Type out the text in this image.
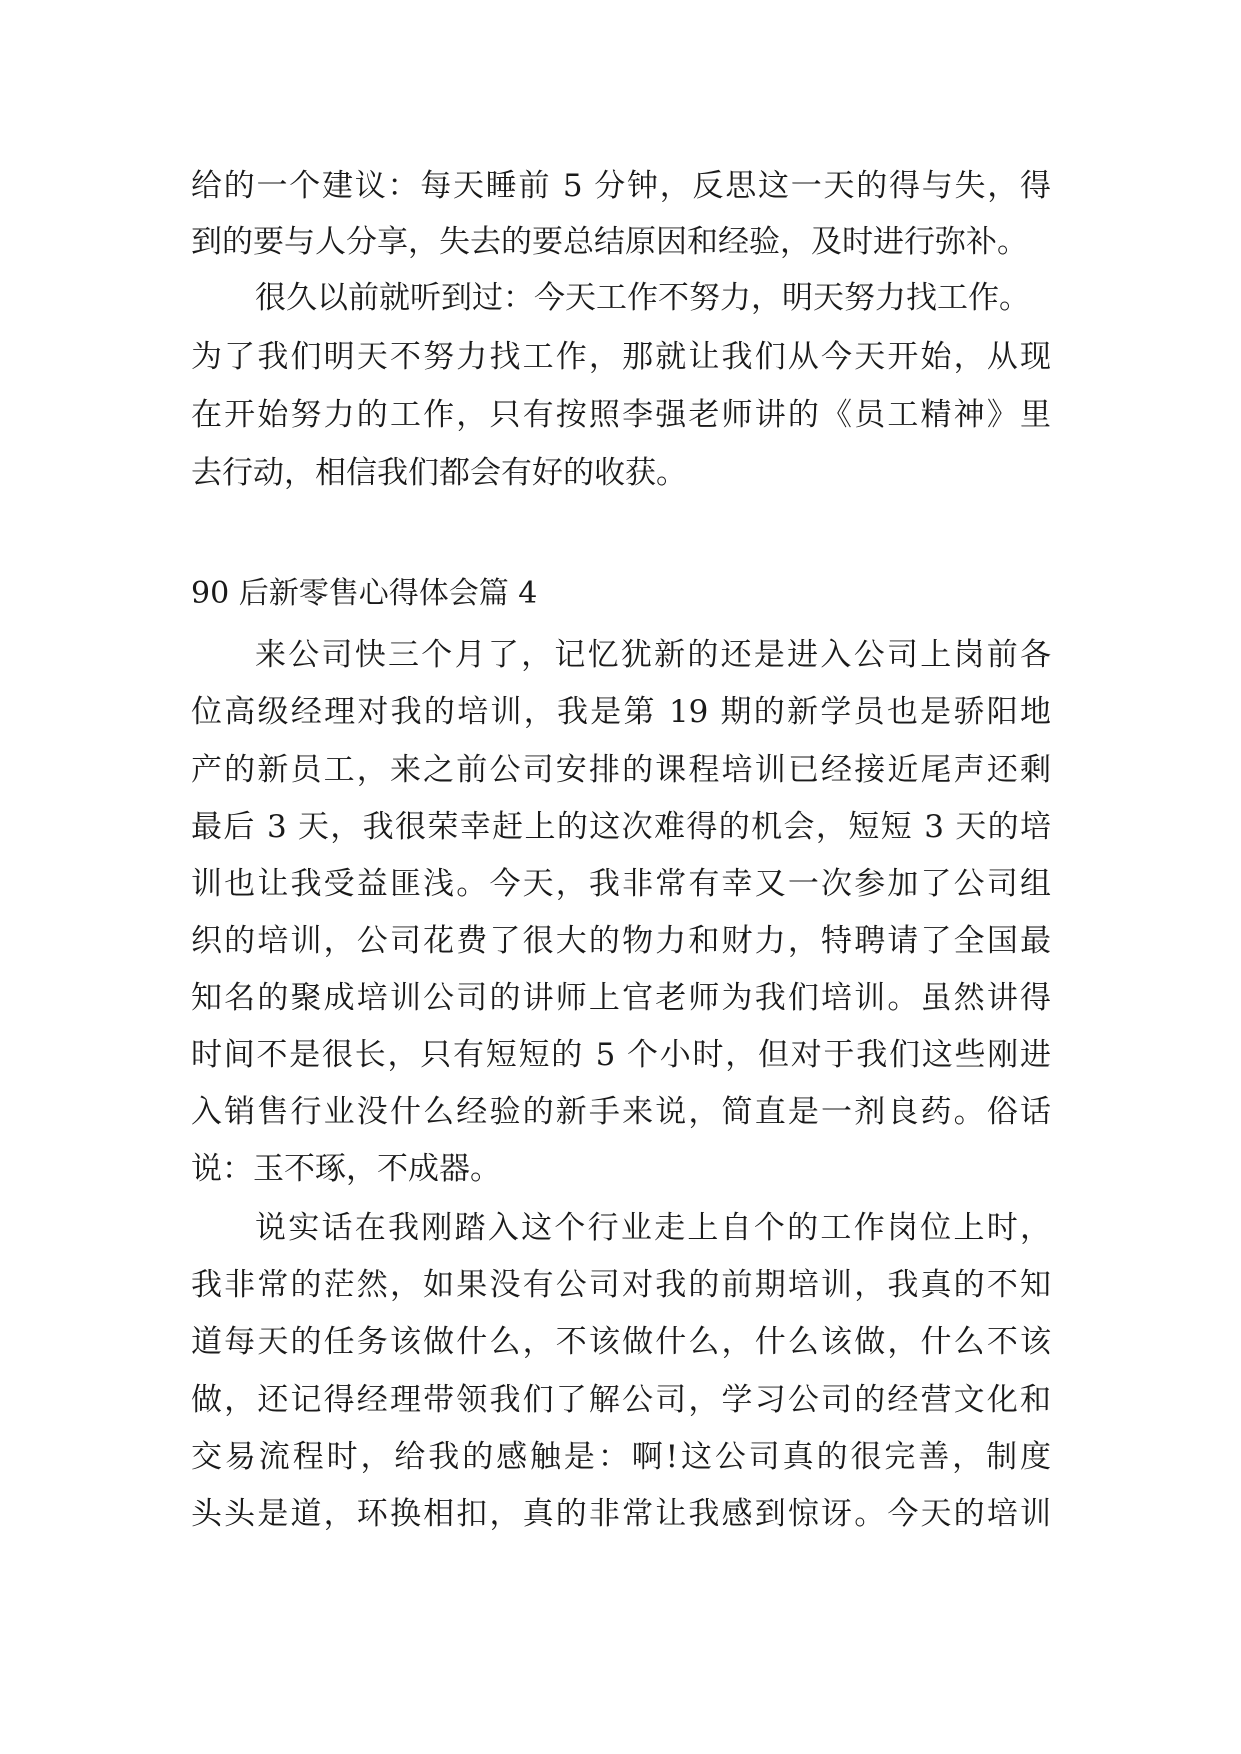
给的一个建议：每天睡前 5 分钟，反思这一天的得与失，得
到的要与人分享，失去的要总结原因和经验，及时进行弥补。
很久以前就听到过：今天工作不努力，明天努力找工作。
为了我们明天不努力找工作，那就让我们从今天开始，从现
在开始努力的工作，只有按照李强老师讲的《员工精神》里
去行动，相信我们都会有好的收获。
90 后新零售心得体会篇 4
来公司快三个月了，记忆犹新的还是进入公司上岗前各
位高级经理对我的培训，我是第 19 期的新学员也是骄阳地
产的新员工，来之前公司安排的课程培训已经接近尾声还剩
最后 3 天，我很荣幸赶上的这次难得的机会，短短 3 天的培
训也让我受益匪浅。今天，我非常有幸又一次参加了公司组
织的培训，公司花费了很大的物力和财力，特聘请了全国最
知名的聚成培训公司的讲师上官老师为我们培训。虽然讲得
时间不是很长，只有短短的 5 个小时，但对于我们这些刚进
入销售行业没什么经验的新手来说，简直是一剂良药。俗话
说：玉不琢，不成器。
说实话在我刚踏入这个行业走上自个的工作岗位上时，
我非常的茫然，如果没有公司对我的前期培训，我真的不知
道每天的任务该做什么，不该做什么，什么该做，什么不该
做，还记得经理带领我们了解公司，学习公司的经营文化和
交易流程时，给我的感触是：啊!这公司真的很完善，制度
头头是道，环换相扣，真的非常让我感到惊讶。今天的培训
